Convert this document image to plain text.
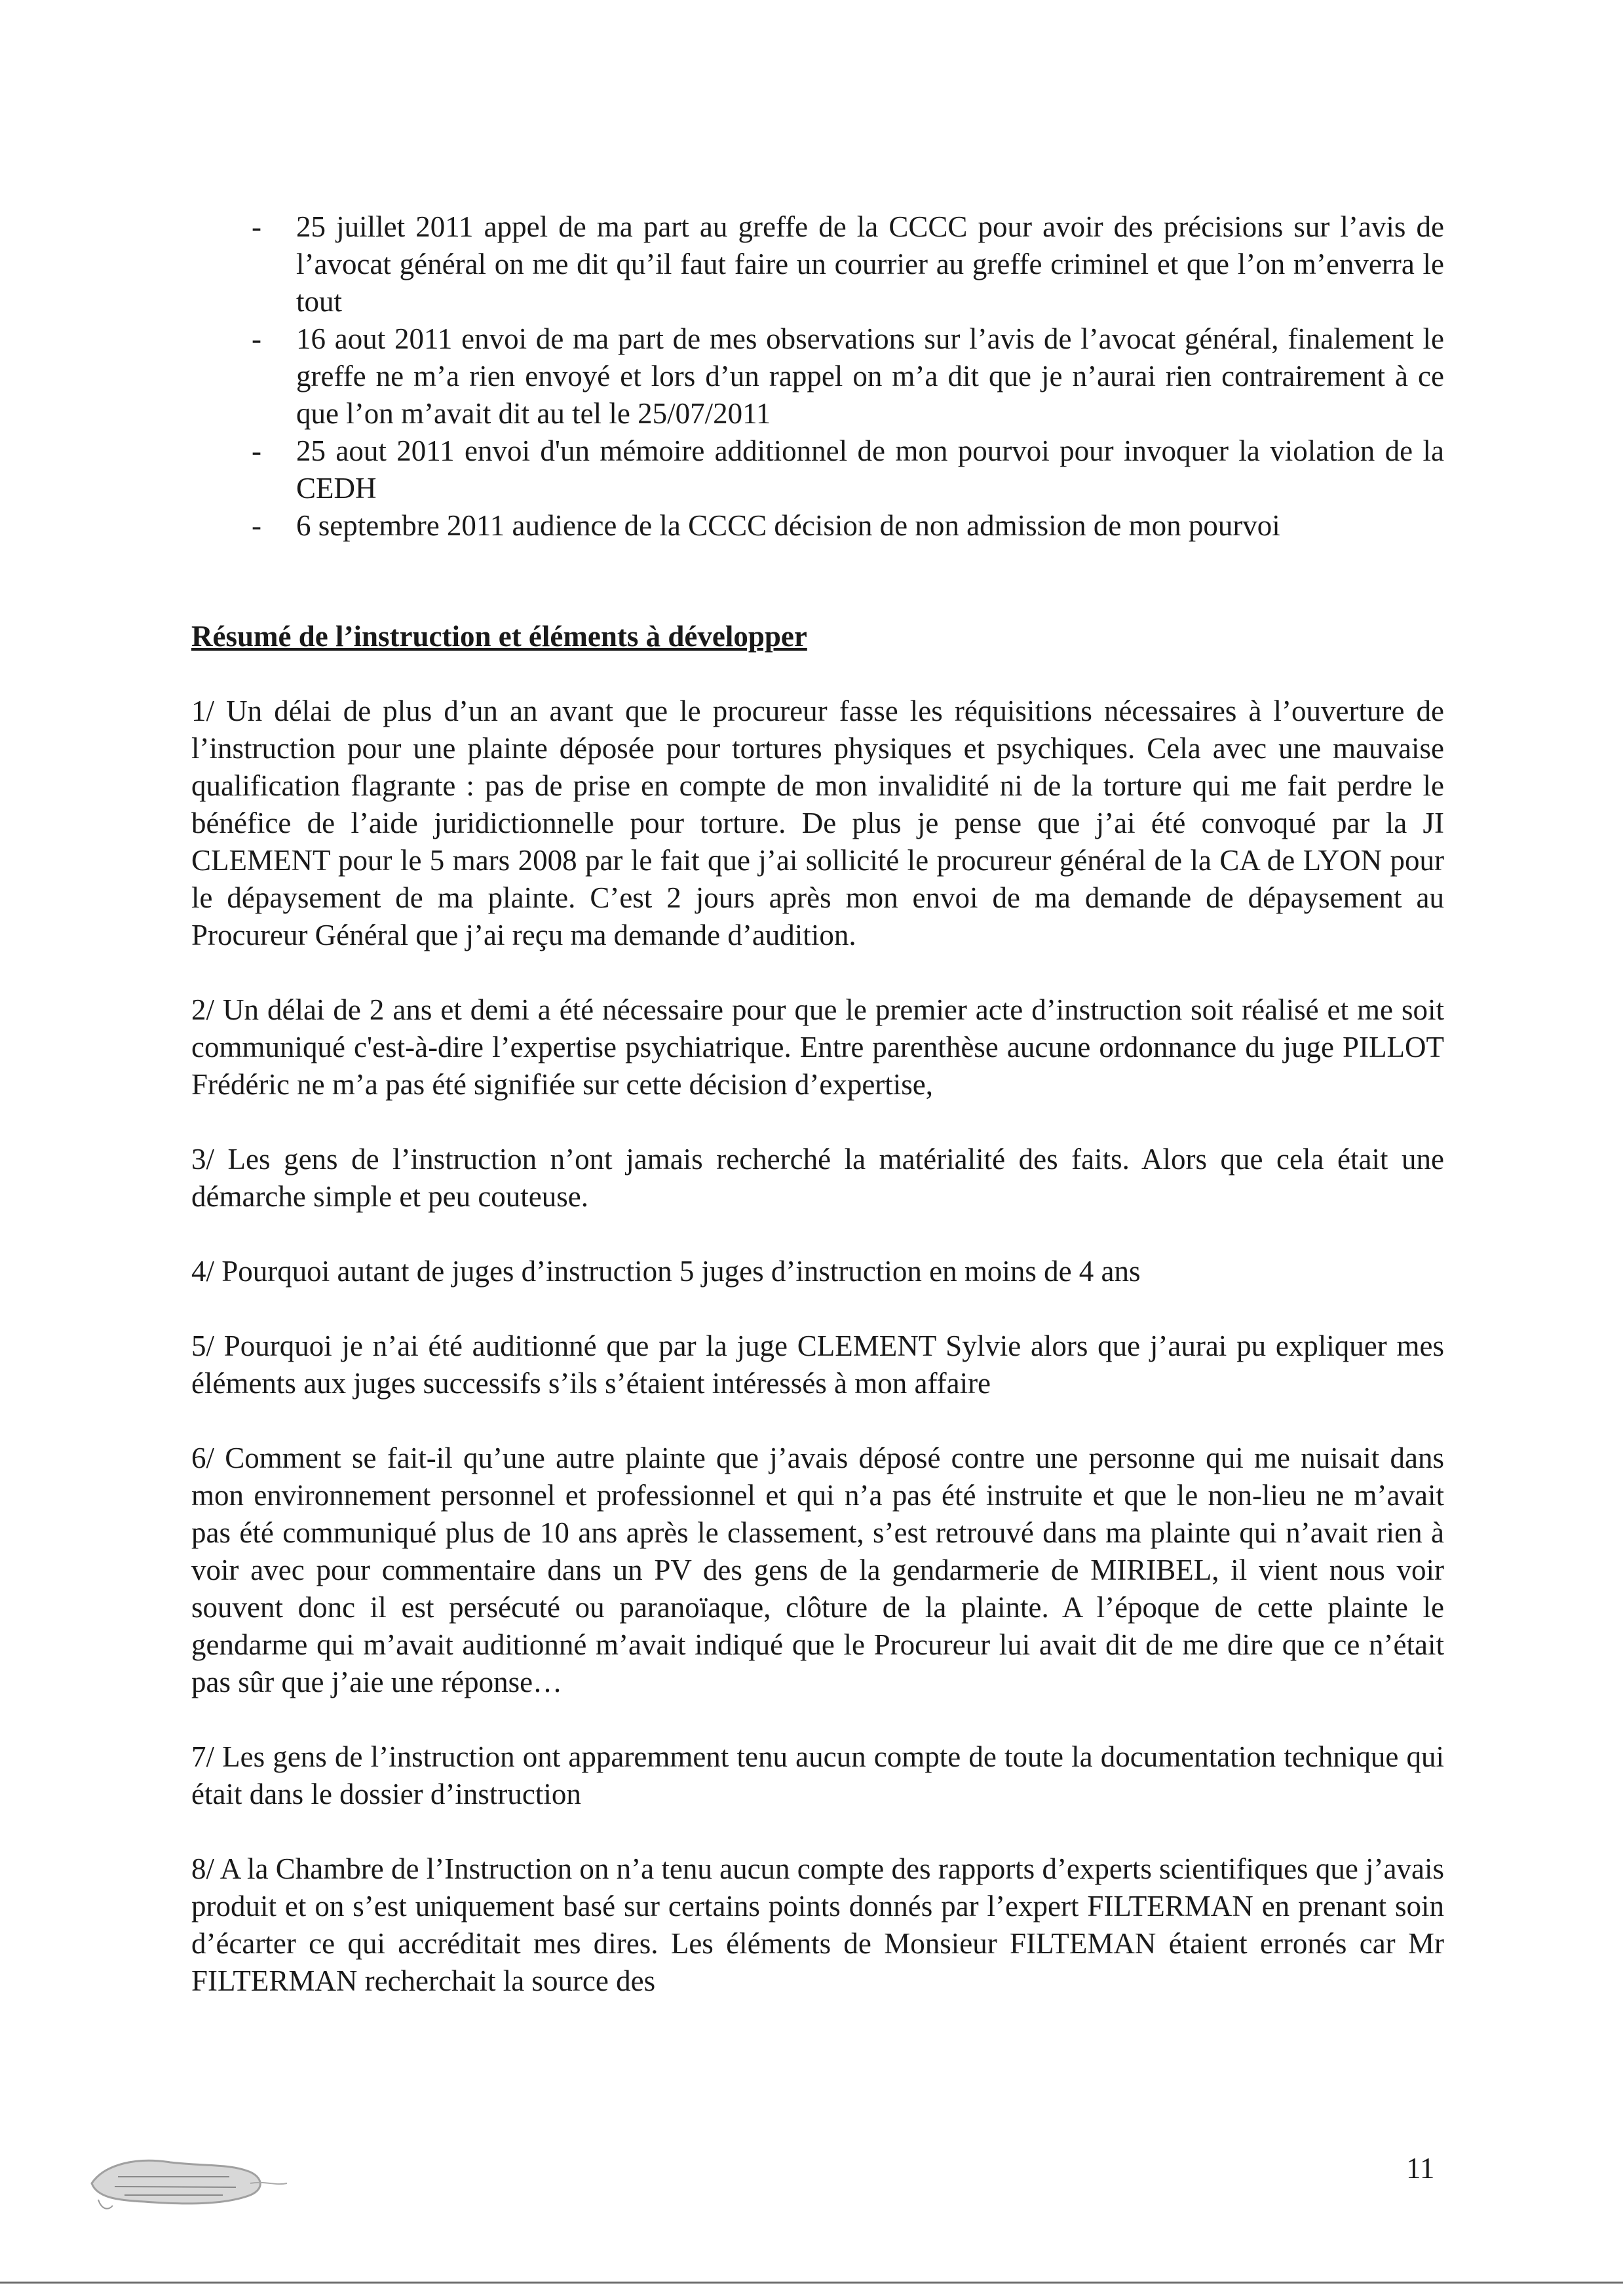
- 25 juillet 2011 appel de ma part au greffe de la CCCC pour avoir des précisions sur l’avis de l’avocat général on me dit qu’il faut faire un courrier au greffe criminel et que l’on m’enverra le tout
- 16 aout 2011 envoi de ma part de mes observations sur l’avis de l’avocat général, finalement le greffe ne m’a rien envoyé et lors d’un rappel on m’a dit que je n’aurai rien contrairement à ce que l’on m’avait dit au tel le 25/07/2011
- 25 aout 2011 envoi d'un mémoire additionnel de mon pourvoi pour invoquer la violation de la CEDH
- 6 septembre 2011 audience de la CCCC décision de non admission de mon pourvoi
Résumé de l’instruction et éléments à développer

1/ Un délai de plus d’un an avant que le procureur fasse les réquisitions nécessaires à l’ouverture de l’instruction pour une plainte déposée pour tortures physiques et psychiques. Cela avec une mauvaise qualification flagrante : pas de prise en compte de mon invalidité ni de la torture qui me fait perdre le bénéfice de l’aide juridictionnelle pour torture. De plus je pense que j’ai été convoqué par la JI CLEMENT pour le 5 mars 2008 par le fait que j’ai sollicité le procureur général de la CA de LYON pour le dépaysement de ma plainte. C’est 2 jours après mon envoi de ma demande de dépaysement au Procureur Général que j’ai reçu ma demande d’audition.

2/ Un délai de 2 ans et demi a été nécessaire pour que le premier acte d’instruction soit réalisé et me soit communiqué c'est-à-dire l’expertise psychiatrique. Entre parenthèse aucune ordonnance du juge PILLOT Frédéric ne m’a pas été signifiée sur cette décision d’expertise,

3/ Les gens de l’instruction n’ont jamais recherché la matérialité des faits. Alors que cela était une démarche simple et peu couteuse.

4/ Pourquoi autant de juges d’instruction 5 juges d’instruction en moins de 4 ans

5/ Pourquoi je n’ai été auditionné que par la juge CLEMENT Sylvie alors que j’aurai pu expliquer mes éléments aux juges successifs s’ils s’étaient intéressés à mon affaire

6/ Comment se fait-il qu’une autre plainte que j’avais déposé contre une personne qui me nuisait dans mon environnement personnel et professionnel et qui n’a pas été instruite et que le non-lieu ne m’avait pas été communiqué plus de 10 ans après le classement, s’est retrouvé dans ma plainte qui n’avait rien à voir avec pour commentaire dans un PV des gens de la gendarmerie de MIRIBEL, il vient nous voir souvent donc il est persécuté ou paranoïaque, clôture de la plainte. A l’époque de cette plainte le gendarme qui m’avait auditionné m’avait indiqué que le Procureur lui avait dit de me dire que ce n’était pas sûr que j’aie une réponse…

7/ Les gens de l’instruction ont apparemment tenu aucun compte de toute la documentation technique qui était dans le dossier d’instruction

8/ A la Chambre de l’Instruction on n’a tenu aucun compte des rapports d’experts scientifiques que j’avais produit et on s’est uniquement basé sur certains points donnés par l’expert FILTERMAN en prenant soin d’écarter ce qui accréditait mes dires. Les éléments de Monsieur FILTEMAN étaient erronés car Mr FILTERMAN recherchait la source des

11
